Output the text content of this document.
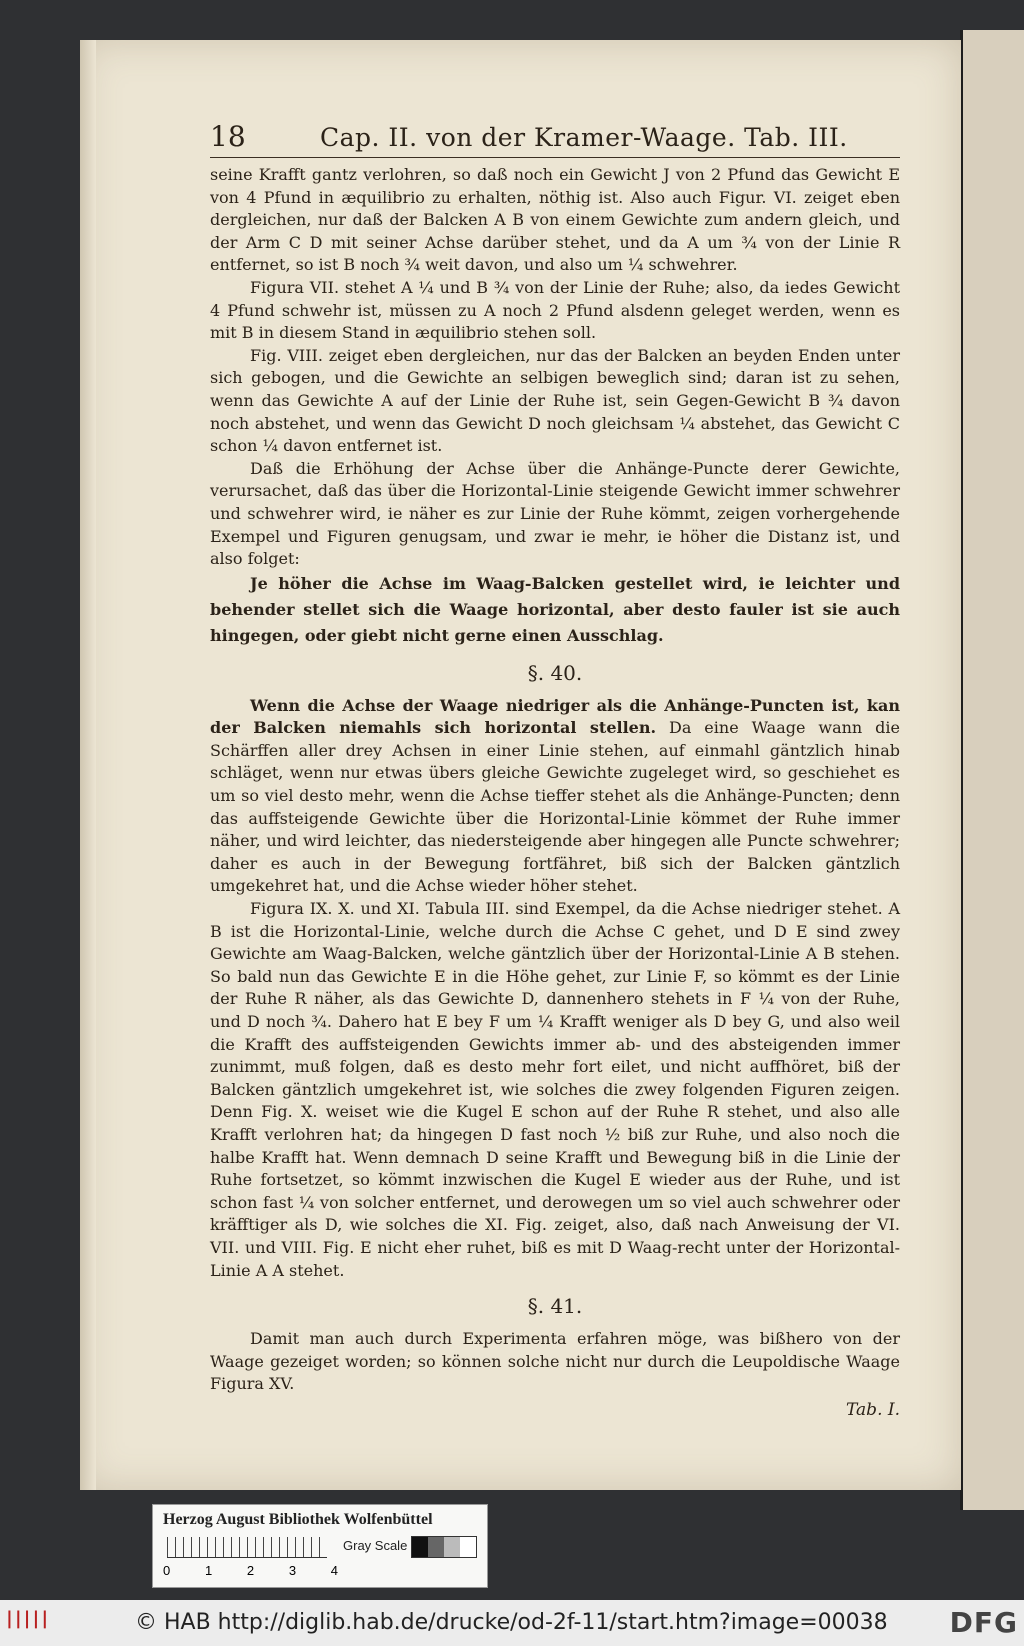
18	Cap. II. von der Kramer-Waage. Tab. III.

seine Krafft gantz verlohren, so daß noch ein Gewicht J von 2 Pfund das Gewicht E von 4 Pfund in æquilibrio zu erhalten, nöthig ist. Also auch Figur. VI. zeiget eben dergleichen, nur daß der Balcken A B von einem Gewichte zum andern gleich, und der Arm C D mit seiner Achse darüber stehet, und da A um ¾ von der Linie R entfernet, so ist B noch ¾ weit davon, und also um ¼ schwehrer.

Figura VII. stehet A ¼ und B ¾ von der Linie der Ruhe; also, da iedes Gewicht 4 Pfund schwehr ist, müssen zu A noch 2 Pfund alsdenn geleget werden, wenn es mit B in diesem Stand in æquilibrio stehen soll.

Fig. VIII. zeiget eben dergleichen, nur das der Balcken an beyden Enden unter sich gebogen, und die Gewichte an selbigen beweglich sind; daran ist zu sehen, wenn das Gewichte A auf der Linie der Ruhe ist, sein Gegen-Gewicht B ¾ davon noch abstehet, und wenn das Gewicht D noch gleichsam ¼ abstehet, das Gewicht C schon ¼ davon entfernet ist.

Daß die Erhöhung der Achse über die Anhänge-Puncte derer Gewichte, verursachet, daß das über die Horizontal-Linie steigende Gewicht immer schwehrer und schwehrer wird, ie näher es zur Linie der Ruhe kömmt, zeigen vorhergehende Exempel und Figuren genugsam, und zwar ie mehr, ie höher die Distanz ist, und also folget:

Je höher die Achse im Waag-Balcken gestellet wird, ie leichter und behender stellet sich die Waage horizontal, aber desto fauler ist sie auch hingegen, oder giebt nicht gerne einen Ausschlag.

§. 40.

Wenn die Achse der Waage niedriger als die Anhänge-Puncten ist, kan der Balcken niemahls sich horizontal stellen. Da eine Waage wann die Schärffen aller drey Achsen in einer Linie stehen, auf einmahl gäntzlich hinab schläget, wenn nur etwas übers gleiche Gewichte zugeleget wird, so geschiehet es um so viel desto mehr, wenn die Achse tieffer stehet als die Anhänge-Puncten; denn das auffsteigende Gewichte über die Horizontal-Linie kömmet der Ruhe immer näher, und wird leichter, das niedersteigende aber hingegen alle Puncte schwehrer; daher es auch in der Bewegung fortfähret, biß sich der Balcken gäntzlich umgekehret hat, und die Achse wieder höher stehet.

Figura IX. X. und XI. Tabula III. sind Exempel, da die Achse niedriger stehet. A B ist die Horizontal-Linie, welche durch die Achse C gehet, und D E sind zwey Gewichte am Waag-Balcken, welche gäntzlich über der Horizontal-Linie A B stehen. So bald nun das Gewichte E in die Höhe gehet, zur Linie F, so kömmt es der Linie der Ruhe R näher, als das Gewichte D, dannenhero stehets in F ¼ von der Ruhe, und D noch ¾. Dahero hat E bey F um ¼ Krafft weniger als D bey G, und also weil die Krafft des auffsteigenden Gewichts immer ab- und des absteigenden immer zunimmt, muß folgen, daß es desto mehr fort eilet, und nicht auffhöret, biß der Balcken gäntzlich umgekehret ist, wie solches die zwey folgenden Figuren zeigen. Denn Fig. X. weiset wie die Kugel E schon auf der Ruhe R stehet, und also alle Krafft verlohren hat; da hingegen D fast noch ½ biß zur Ruhe, und also noch die halbe Krafft hat. Wenn demnach D seine Krafft und Bewegung biß in die Linie der Ruhe fortsetzet, so kömmt inzwischen die Kugel E wieder aus der Ruhe, und ist schon fast ¼ von solcher entfernet, und derowegen um so viel auch schwehrer oder kräfftiger als D, wie solches die XI. Fig. zeiget, also, daß nach Anweisung der VI. VII. und VIII. Fig. E nicht eher ruhet, biß es mit D Waag-recht unter der Horizontal-Linie A A stehet.

§. 41.

Damit man auch durch Experimenta erfahren möge, was bißhero von der Waage gezeiget worden; so können solche nicht nur durch die Leupoldische Waage Figura XV.

Tab. I.
Herzog August Bibliothek Wolfenbüttel
Gray Scale
0	1	2	3	4
|||||	© HAB http://diglib.hab.de/drucke/od-2f-11/start.htm?image=00038 DFG
